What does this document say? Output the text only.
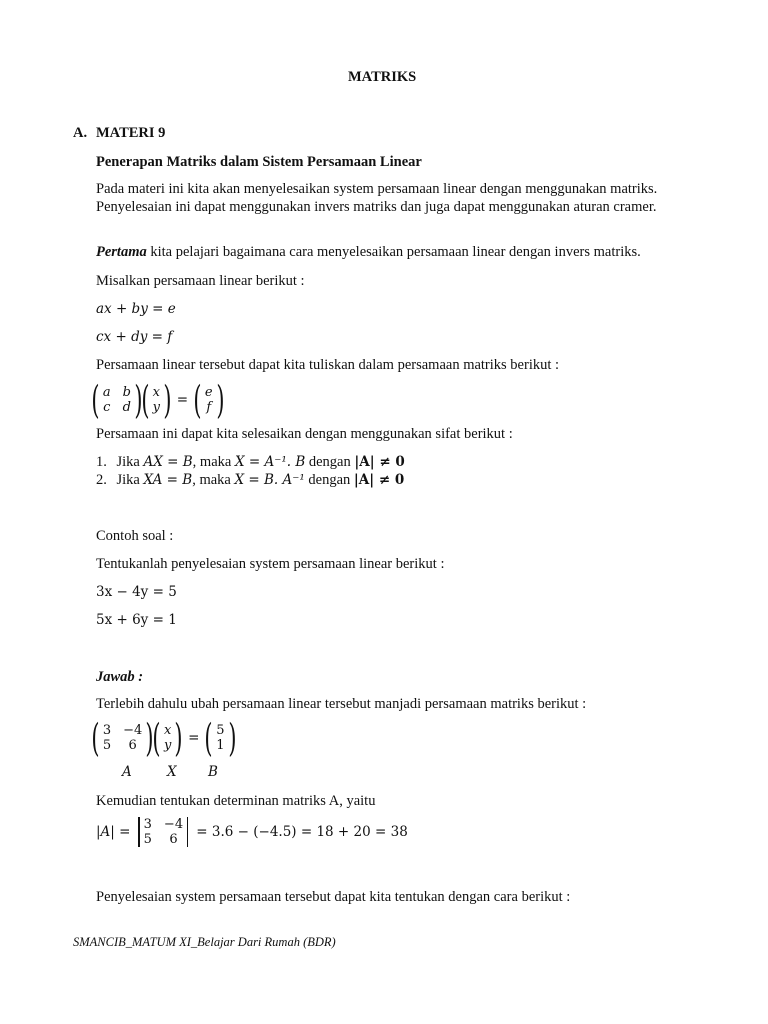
MATRIKS
A. MATERI 9
Penerapan Matriks dalam Sistem Persamaan Linear
Pada materi ini kita akan menyelesaikan system persamaan linear dengan menggunakan matriks. Penyelesaian ini dapat menggunakan invers matriks dan juga dapat menggunakan aturan cramer.
Pertama kita pelajari bagaimana cara menyelesaikan persamaan linear dengan invers matriks.
Misalkan persamaan linear berikut :
ax + by = e
cx + dy = f
Persamaan linear tersebut dapat kita tuliskan dalam persamaan matriks berikut :
( a b
c d )
( x
y ) = ( e
f )
Persamaan ini dapat kita selesaikan dengan menggunakan sifat berikut :
1. Jika AX = B, maka X = A⁻¹. B dengan |A| ≠ 0
2. Jika XA = B, maka X = B. A⁻¹ dengan |A| ≠ 0
Contoh soal :
Tentukanlah penyelesaian system persamaan linear berikut :
3x − 4y = 5
5x + 6y = 1
Jawab :
Terlebih dahulu ubah persamaan linear tersebut manjadi persamaan matriks berikut :
( 3 −4
5	6 )
( x
y ) = ( 5
1 )
A	X B
Kemudian tentukan determinan matriks A, yaitu
|A| = 3 −4
5	6	= 3.6 − (−4.5) = 18 + 20 = 38
Penyelesaian system persamaan tersebut dapat kita tentukan dengan cara berikut :
SMANCIB_MATUM XI_Belajar Dari Rumah (BDR)
